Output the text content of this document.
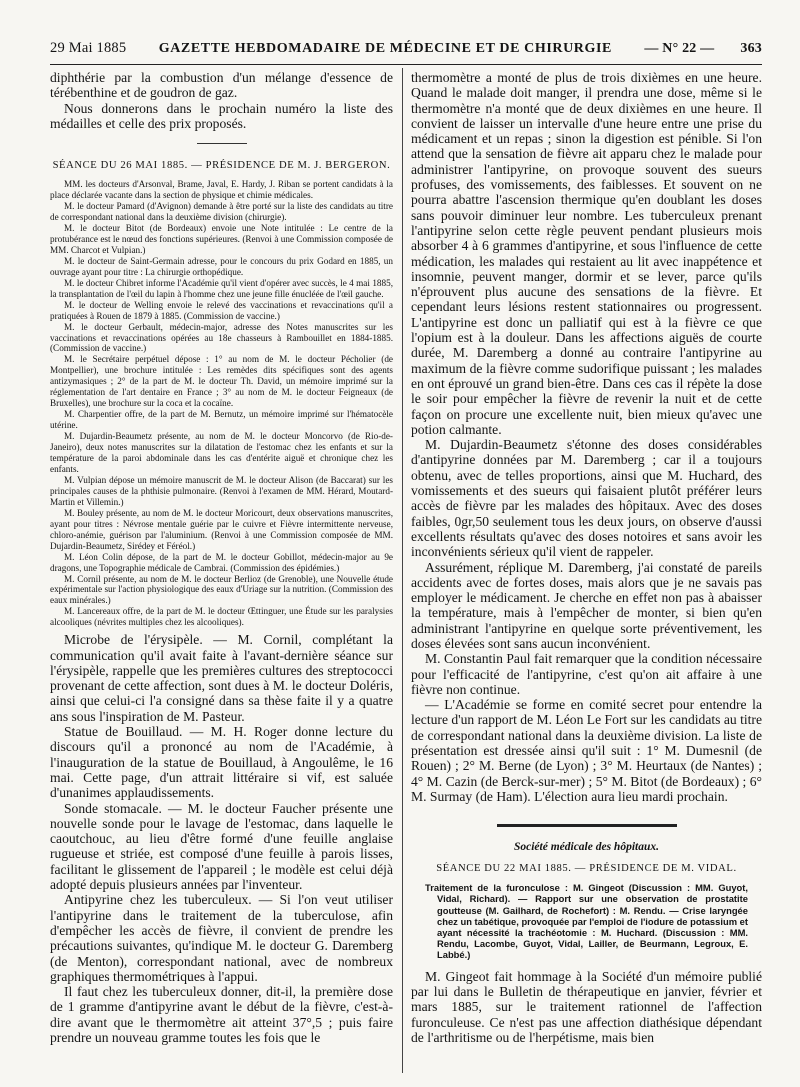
29 Mai 1885 GAZETTE HEBDOMADAIRE DE MÉDECINE ET DE CHIRURGIE — N° 22 — 363

diphthérie par la combustion d'un mélange d'essence de térébenthine et de goudron de gaz.

Nous donnerons dans le prochain numéro la liste des médailles et celle des prix proposés.

SÉANCE DU 26 MAI 1885. — PRÉSIDENCE DE M. J. BERGERON.

MM. les docteurs d'Arsonval, Brame, Javal, E. Hardy, J. Riban se portent candidats à la place déclarée vacante dans la section de physique et chimie médicales.

M. le docteur Pamard (d'Avignon) demande à être porté sur la liste des candidats au titre de correspondant national dans la deuxième division (chirurgie).

M. le docteur Bitot (de Bordeaux) envoie une Note intitulée : Le centre de la protubérance est le nœud des fonctions supérieures. (Renvoi à une Commission composée de MM. Charcot et Vulpian.)

M. le docteur de Saint-Germain adresse, pour le concours du prix Godard en 1885, un ouvrage ayant pour titre : La chirurgie orthopédique.

M. le docteur Chibret informe l'Académie qu'il vient d'opérer avec succès, le 4 mai 1885, la transplantation de l'œil du lapin à l'homme chez une jeune fille énucléée de l'œil gauche.

M. le docteur de Welling envoie le relevé des vaccinations et revaccinations qu'il a pratiquées à Rouen de 1879 à 1885. (Commission de vaccine.)

M. le docteur Gerbault, médecin-major, adresse des Notes manuscrites sur les vaccinations et revaccinations opérées au 18e chasseurs à Rambouillet en 1884-1885. (Commission de vaccine.)

M. le Secrétaire perpétuel dépose : 1° au nom de M. le docteur Pécholier (de Montpellier), une brochure intitulée : Les remèdes dits spécifiques sont des agents antizymasiques ; 2° de la part de M. le docteur Th. David, un mémoire imprimé sur la réglementation de l'art dentaire en France ; 3° au nom de M. le docteur Feigneaux (de Bruxelles), une brochure sur la coca et la cocaïne.

M. Charpentier offre, de la part de M. Bernutz, un mémoire imprimé sur l'hématocèle utérine.

M. Dujardin-Beaumetz présente, au nom de M. le docteur Moncorvo (de Rio-de-Janeiro), deux notes manuscrites sur la dilatation de l'estomac chez les enfants et sur la température de la paroi abdominale dans les cas d'entérite aiguë et chronique chez les enfants.

M. Vulpian dépose un mémoire manuscrit de M. le docteur Alison (de Baccarat) sur les principales causes de la phthisie pulmonaire. (Renvoi à l'examen de MM. Hérard, Moutard-Martin et Villemin.)

M. Bouley présente, au nom de M. le docteur Moricourt, deux observations manuscrites, ayant pour titres : Névrose mentale guérie par le cuivre et Fièvre intermittente nerveuse, chloro-anémie, guérison par l'aluminium. (Renvoi à une Commission composée de MM. Dujardin-Beaumetz, Sirédey et Féréol.)

M. Léon Colin dépose, de la part de M. le docteur Gobillot, médecin-major au 9e dragons, une Topographie médicale de Cambrai. (Commission des épidémies.)

M. Cornil présente, au nom de M. le docteur Berlioz (de Grenoble), une Nouvelle étude expérimentale sur l'action physiologique des eaux d'Uriage sur la nutrition. (Commission des eaux minérales.)

M. Lancereaux offre, de la part de M. le docteur Œttinguer, une Étude sur les paralysies alcooliques (névrites multiples chez les alcooliques).

Microbe de l'érysipèle. — M. Cornil, complétant la communication qu'il avait faite à l'avant-dernière séance sur l'érysipèle, rappelle que les premières cultures des streptococci provenant de cette affection, sont dues à M. le docteur Doléris, ainsi que celui-ci l'a consigné dans sa thèse faite il y a quatre ans sous l'inspiration de M. Pasteur.

Statue de Bouillaud. — M. H. Roger donne lecture du discours qu'il a prononcé au nom de l'Académie, à l'inauguration de la statue de Bouillaud, à Angoulême, le 16 mai. Cette page, d'un attrait littéraire si vif, est saluée d'unanimes applaudissements.

Sonde stomacale. — M. le docteur Faucher présente une nouvelle sonde pour le lavage de l'estomac, dans laquelle le caoutchouc, au lieu d'être formé d'une feuille anglaise rugueuse et striée, est composé d'une feuille à parois lisses, facilitant le glissement de l'appareil ; le modèle est celui déjà adopté depuis plusieurs années par l'inventeur.

Antipyrine chez les tuberculeux. — Si l'on veut utiliser l'antipyrine dans le traitement de la tuberculose, afin d'empêcher les accès de fièvre, il convient de prendre les précautions suivantes, qu'indique M. le docteur G. Daremberg (de Menton), correspondant national, avec de nombreux graphiques thermométriques à l'appui.

Il faut chez les tuberculeux donner, dit-il, la première dose de 1 gramme d'antipyrine avant le début de la fièvre, c'est-à-dire avant que le thermomètre ait atteint 37°,5 ; puis faire prendre un nouveau gramme toutes les fois que le

thermomètre a monté de plus de trois dixièmes en une heure. Quand le malade doit manger, il prendra une dose, même si le thermomètre n'a monté que de deux dixièmes en une heure. Il convient de laisser un intervalle d'une heure entre une prise du médicament et un repas ; sinon la digestion est pénible. Si l'on attend que la sensation de fièvre ait apparu chez le malade pour administrer l'antipyrine, on provoque souvent des sueurs profuses, des vomissements, des faiblesses. Et souvent on ne pourra abattre l'ascension thermique qu'en doublant les doses sans pouvoir diminuer leur nombre. Les tuberculeux prenant l'antipyrine selon cette règle peuvent pendant plusieurs mois absorber 4 à 6 grammes d'antipyrine, et sous l'influence de cette médication, les malades qui restaient au lit avec inappétence et insomnie, peuvent manger, dormir et se lever, parce qu'ils n'éprouvent plus aucune des sensations de la fièvre. Et cependant leurs lésions restent stationnaires ou progressent. L'antipyrine est donc un palliatif qui est à la fièvre ce que l'opium est à la douleur. Dans les affections aiguës de courte durée, M. Daremberg a donné au contraire l'antipyrine au maximum de la fièvre comme sudorifique puissant ; les malades en ont éprouvé un grand bien-être. Dans ces cas il répète la dose le soir pour empêcher la fièvre de revenir la nuit et de cette façon on procure une excellente nuit, bien mieux qu'avec une potion calmante.

M. Dujardin-Beaumetz s'étonne des doses considérables d'antipyrine données par M. Daremberg ; car il a toujours obtenu, avec de telles proportions, ainsi que M. Huchard, des vomissements et des sueurs qui faisaient plutôt préférer leurs accès de fièvre par les malades des hôpitaux. Avec des doses faibles, 0gr,50 seulement tous les deux jours, on observe d'aussi excellents résultats qu'avec des doses notoires et sans avoir les inconvénients sérieux qu'il vient de rappeler.

Assurément, réplique M. Daremberg, j'ai constaté de pareils accidents avec de fortes doses, mais alors que je ne savais pas employer le médicament. Je cherche en effet non pas à abaisser la température, mais à l'empêcher de monter, si bien qu'en administrant l'antipyrine en quelque sorte préventivement, les doses élevées sont sans aucun inconvénient.

M. Constantin Paul fait remarquer que la condition nécessaire pour l'efficacité de l'antipyrine, c'est qu'on ait affaire à une fièvre non continue.

— L'Académie se forme en comité secret pour entendre la lecture d'un rapport de M. Léon Le Fort sur les candidats au titre de correspondant national dans la deuxième division. La liste de présentation est dressée ainsi qu'il suit : 1° M. Dumesnil (de Rouen) ; 2° M. Berne (de Lyon) ; 3° M. Heurtaux (de Nantes) ; 4° M. Cazin (de Berck-sur-mer) ; 5° M. Bitot (de Bordeaux) ; 6° M. Surmay (de Ham). L'élection aura lieu mardi prochain.

Société médicale des hôpitaux.

SÉANCE DU 22 MAI 1885. — PRÉSIDENCE DE M. VIDAL.

Traitement de la furonculose : M. Gingeot (Discussion : MM. Guyot, Vidal, Richard). — Rapport sur une observation de prostatite goutteuse (M. Gailhard, de Rochefort) : M. Rendu. — Crise laryngée chez un tabétique, provoquée par l'emploi de l'iodure de potassium et ayant nécessité la trachéotomie : M. Huchard. (Discussion : MM. Rendu, Lacombe, Guyot, Vidal, Lailler, de Beurmann, Legroux, E. Labbé.)

M. Gingeot fait hommage à la Société d'un mémoire publié par lui dans le Bulletin de thérapeutique en janvier, février et mars 1885, sur le traitement rationnel de l'affection furonculeuse. Ce n'est pas une affection diathésique dépendant de l'arthritisme ou de l'herpétisme, mais bien
